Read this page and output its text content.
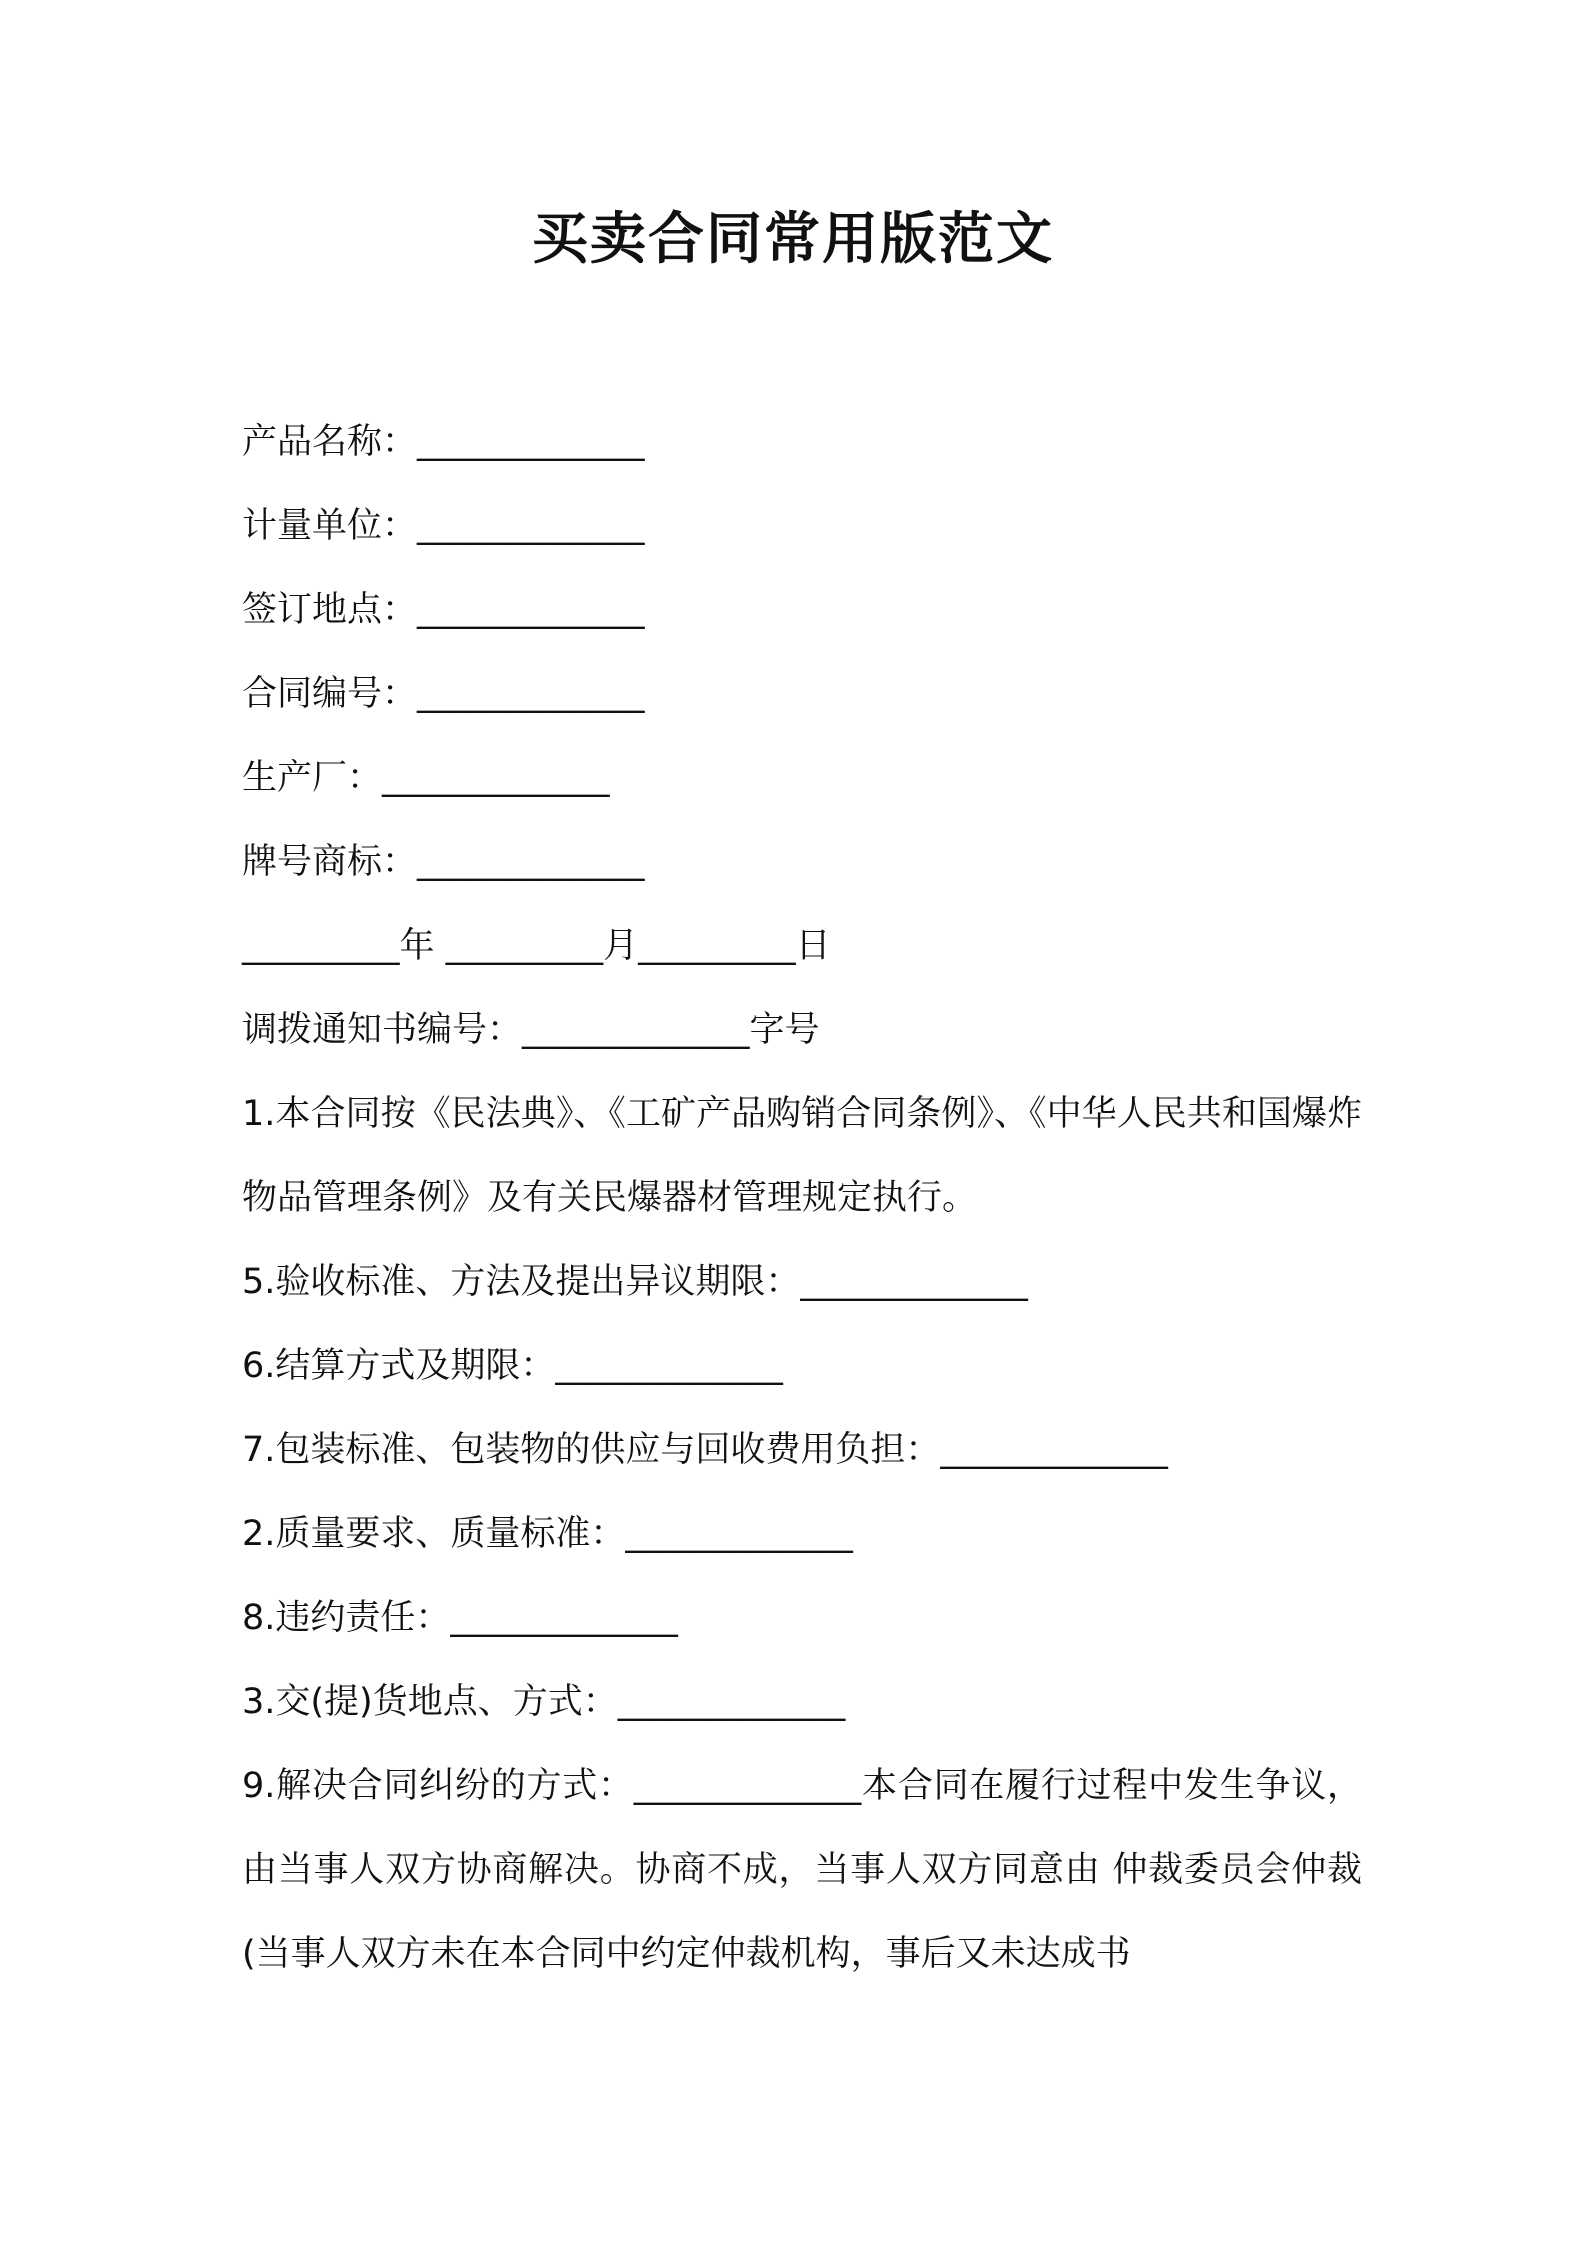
买卖合同常用版范文

产品名称：_____________

计量单位：_____________

签订地点：_____________

合同编号：_____________

生产厂：_____________

牌号商标：_____________

_________年 _________月_________日

调拨通知书编号：_____________字号

1.本合同按《民法典》、《工矿产品购销合同条例》、《中华人民共和国爆炸物品管理条例》及有关民爆器材管理规定执行。

5.验收标准、方法及提出异议期限：_____________

6.结算方式及期限：_____________

7.包装标准、包装物的供应与回收费用负担：_____________

2.质量要求、质量标准：_____________

8.违约责任：_____________

3.交(提)货地点、方式：_____________

9.解决合同纠纷的方式：_____________本合同在履行过程中发生争议，由当事人双方协商解决。协商不成，当事人双方同意由 仲裁委员会仲裁(当事人双方未在本合同中约定仲裁机构，事后又未达成书
